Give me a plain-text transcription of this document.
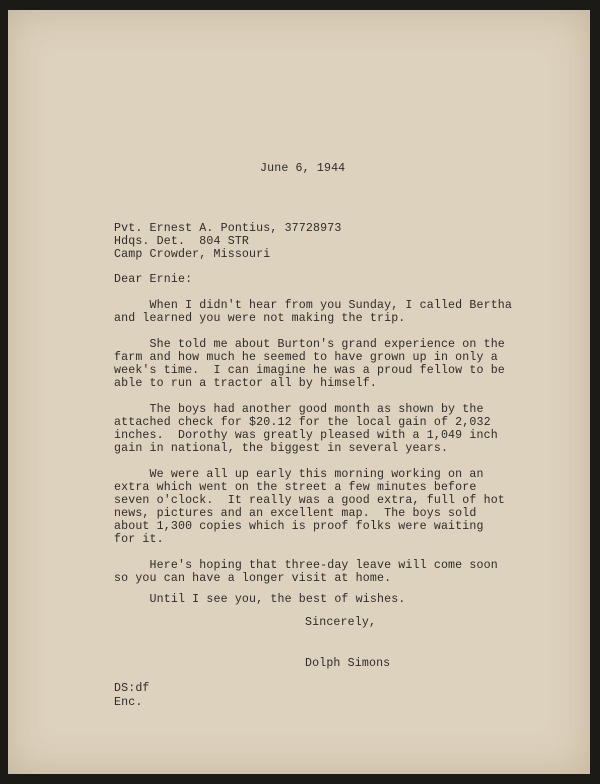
June 6, 1944

Pvt. Ernest A. Pontius, 37728973

Hdqs. Det.  804 STR

Camp Crowder, Missouri

Dear Ernie:

When I didn't hear from you Sunday, I called Bertha

and learned you were not making the trip.

She told me about Burton's grand experience on the

farm and how much he seemed to have grown up in only a

week's time.  I can imagine he was a proud fellow to be

able to run a tractor all by himself.

The boys had another good month as shown by the

attached check for $20.12 for the local gain of 2,032

inches.  Dorothy was greatly pleased with a 1,049 inch

gain in national, the biggest in several years.

We were all up early this morning working on an

extra which went on the street a few minutes before

seven o'clock.  It really was a good extra, full of hot

news, pictures and an excellent map.  The boys sold

about 1,300 copies which is proof folks were waiting

for it.

Here's hoping that three-day leave will come soon

so you can have a longer visit at home.

Until I see you, the best of wishes.

Sincerely,

Dolph Simons

DS:df

Enc.
